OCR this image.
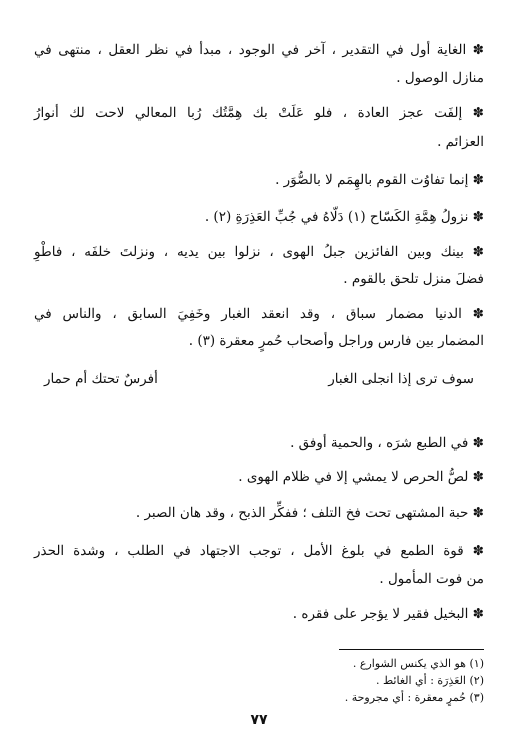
✽ الغاية أول في التقدير ، آخر في الوجود ، مبدأ في نظر العقل ، منتهى في
منازل الوصول .
✽ إلفَت عجز العادة ، فلو عَلَتْ بك هِمَّتُك رُبا المعالي لاحت لك أنوارُ
العزائم .
✽ إنما تفاوُت القوم بالهِمَم لا بالصُّوَر .
✽ نزولُ هِمَّةِ الكَسّاح (١) دَلّاهُ في جُبِّ العَذِرَةِ (٢) .
✽ بينك وبين الفائزين جبلُ الهوى ، نزلوا بين يديه ، ونزلتَ خلفَه ، فاطْوِ
فضلَ منزل تلحق بالقوم .
✽ الدنيا مضمار سباق ، وقد انعقد الغبار وخَفِيَ السابق ، والناس في
المضمار بين فارس وراجل وأصحاب حُمرٍ معقرة (٣) .
سوف ترى إذا انجلى الغبار
أفرسٌ تحتك أم حمار
✽ في الطبع شرَه ، والحمية أوفق .
✽ لصُّ الحرص لا يمشي إلا في ظلام الهوى .
✽ حبة المشتهى تحت فخ التلف ؛ ففكِّر الذبح ، وقد هان الصبر .
✽ قوة الطمع في بلوغ الأمل ، توجب الاجتهاد في الطلب ، وشدة الحذر
من فوت المأمول .
✽ البخيل فقير لا يؤجر على فقره .
(١) هو الذي يكنس الشوارع .
(٢) العَذِرَة : أي الغائط .
(٣) حُمرٍ معقرة : أي مجروحة .
٧٧
